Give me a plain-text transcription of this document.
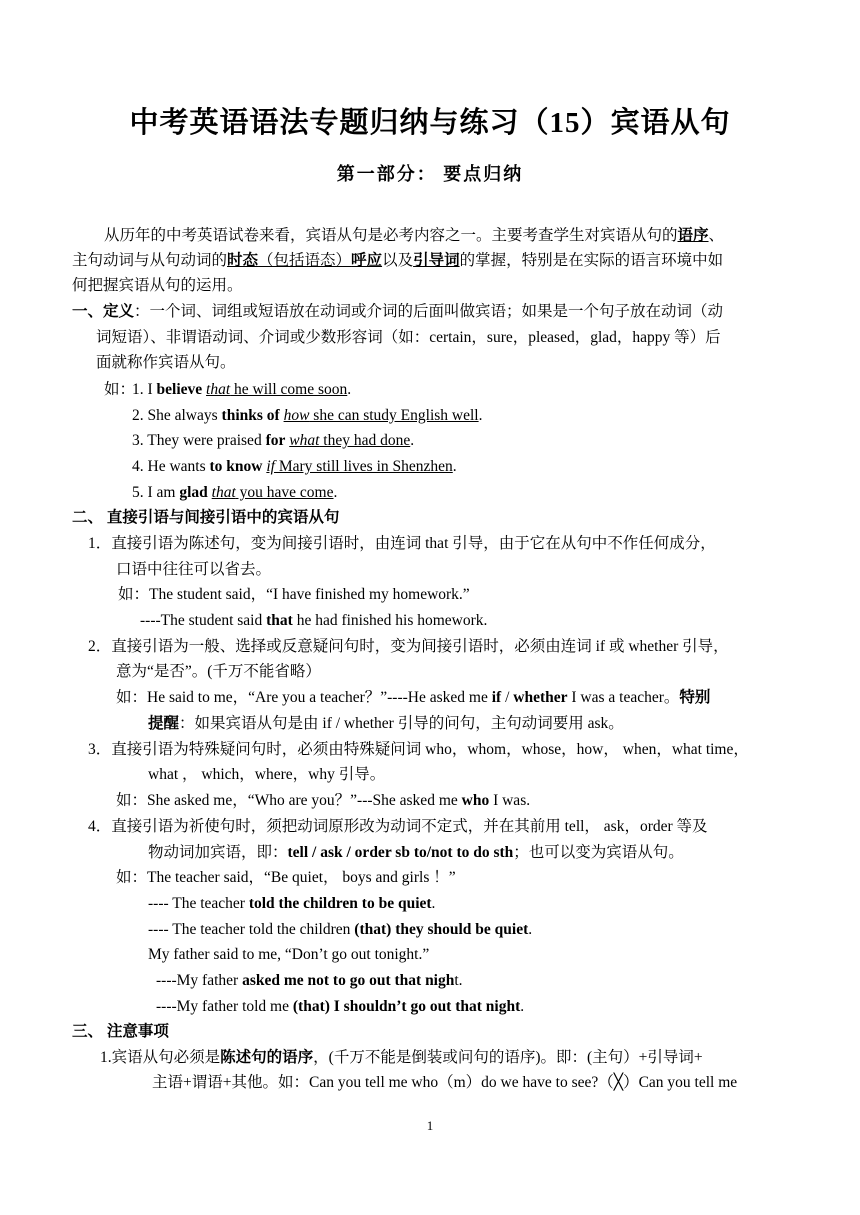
中考英语语法专题归纳与练习（15）宾语从句
第一部分： 要点归纳
从历年的中考英语试卷来看，宾语从句是必考内容之一。主要考查学生对宾语从句的语序、
主句动词与从句动词的时态（包括语态）呼应以及引导词的掌握，特别是在实际的语言环境中如
何把握宾语从句的运用。
一、定义：一个词、词组或短语放在动词或介词的后面叫做宾语；如果是一个句子放在动词（动
词短语）、非谓语动词、介词或少数形容词（如：certain，sure，pleased，glad，happy 等）后
面就称作宾语从句。
如：
1. I believe that he will come soon.
2. She always thinks of how she can study English well.
3. They were praised for what they had done.
4. He wants to know if Mary still lives in Shenzhen.
5. I am glad that you have come.
二、 直接引语与间接引语中的宾语从句
1．直接引语为陈述句，变为间接引语时，由连词 that 引导，由于它在从句中不作任何成分，
口语中往往可以省去。
如：The student said，“I have finished my homework.”
----The student said that he had finished his homework.
2．直接引语为一般、选择或反意疑问句时，变为间接引语时，必须由连词 if 或 whether 引导，
意为“是否”。(千万不能省略）
如：He said to me，“Are you a teacher？”----He asked me if / whether I was a teacher。特别
提醒：如果宾语从句是由 if / whether 引导的问句，主句动词要用 ask。
3．直接引语为特殊疑问句时，必须由特殊疑问词 who，whom，whose，how， when，what time，
what ， which，where，why 引导。
如：She asked me，“Who are you？”---She asked me who I was.
4．直接引语为祈使句时，须把动词原形改为动词不定式，并在其前用 tell， ask，order 等及
物动词加宾语，即：tell / ask / order sb to/not to do sth；也可以变为宾语从句。
如：The teacher said，“Be quiet， boys and girls ！”
---- The teacher told the children to be quiet.
---- The teacher told the children (that) they should be quiet.
My father said to me, “Don’t go out tonight.”
----My father asked me not to go out that night.
----My father told me (that) I shouldn’t go out that night.
三、 注意事项
1.宾语从句必须是陈述句的语序，(千万不能是倒装或问句的语序)。即：(主句）+引导词+
主语+谓语+其他。如：Can you tell me who（m）do we have to see?（╳）Can you tell me
1
